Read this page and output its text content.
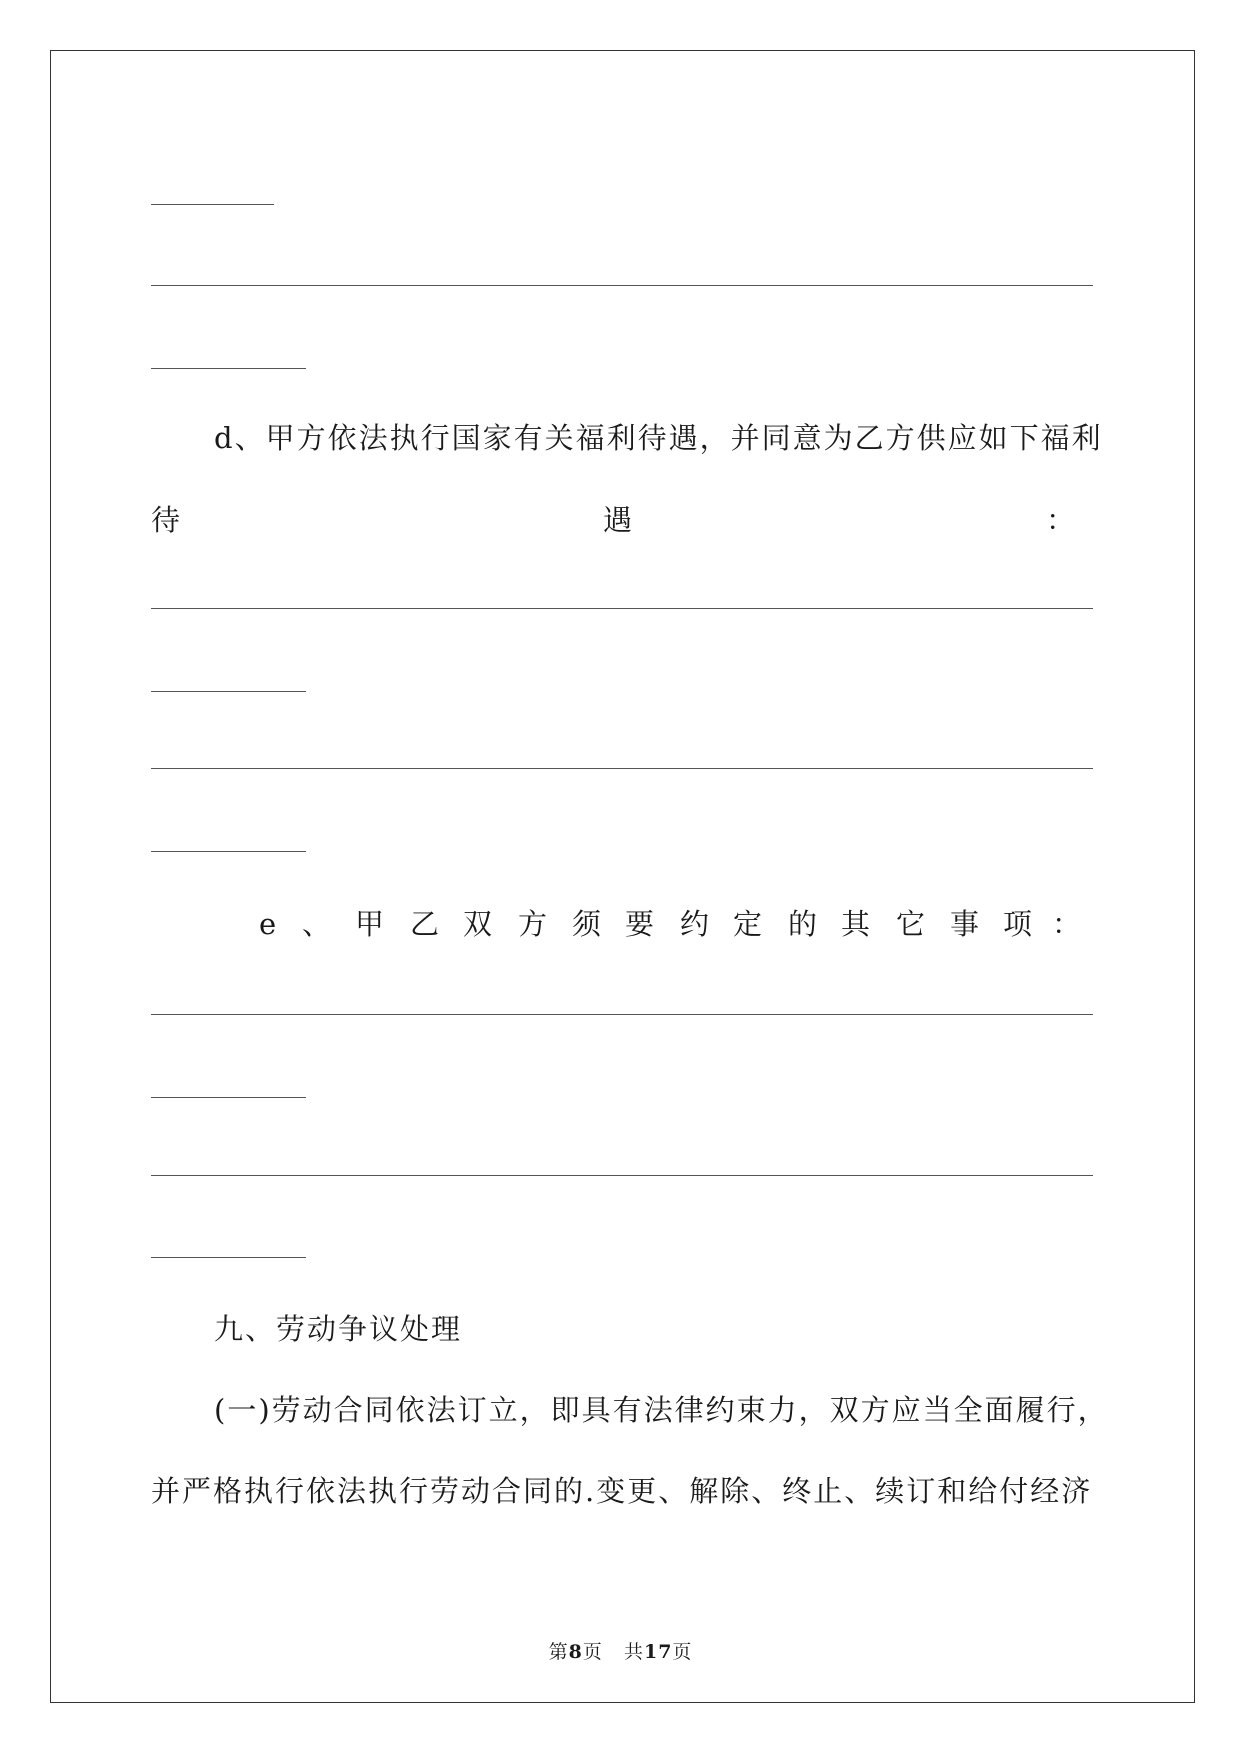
d、甲方依法执行国家有关福利待遇，并同意为乙方供应如下福利
待	遇	：
e 、 甲 乙 双 方 须 要 约 定 的 其 它 事 项 ：
九、劳动争议处理
(一)劳动合同依法订立，即具有法律约束力，双方应当全面履行，
并严格执行依法执行劳动合同的.变更、解除、终止、续订和给付经济
第8页 共17页
